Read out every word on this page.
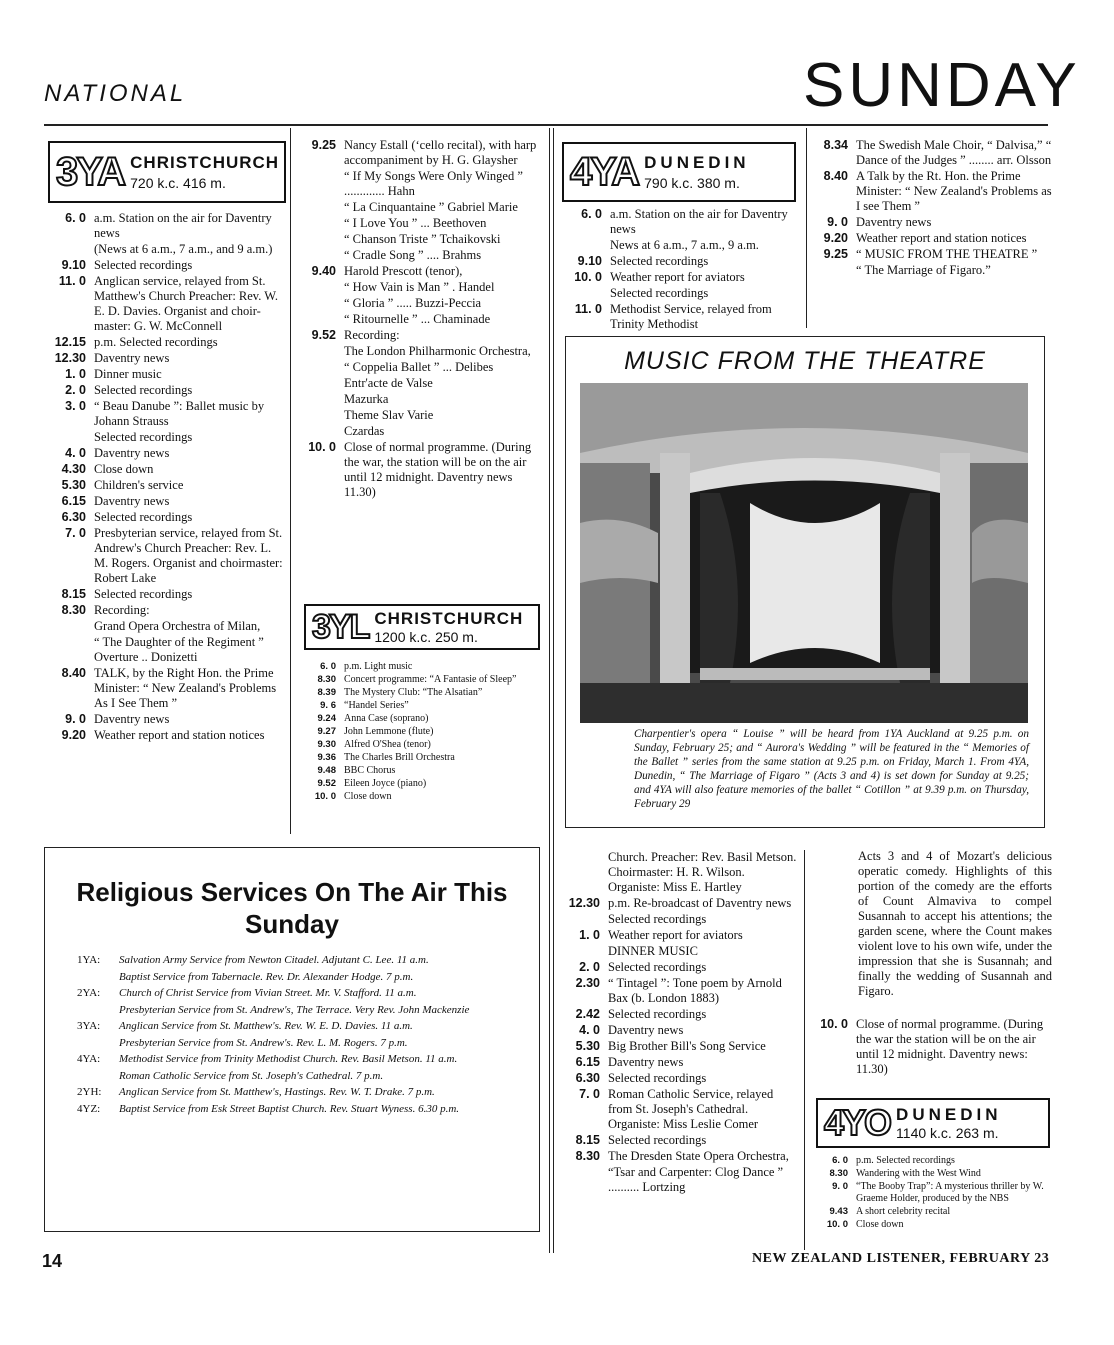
NATIONAL	SUNDAY
3YA CHRISTCHURCH
720 k.c. 416 m.
6. 0 a.m. Station on the air for Daventry news
(News at 6 a.m., 7 a.m., and 9 a.m.)
9.10 Selected recordings
11. 0 Anglican service, relayed from St. Matthew's Church Preacher: Rev. W. E. D. Davies. Organist and choir-master: G. W. McConnell
12.15 p.m. Selected recordings
12.30 Daventry news
1. 0 Dinner music
2. 0 Selected recordings
3. 0 “ Beau Danube ”: Ballet music by Johann Strauss
Selected recordings
4. 0 Daventry news
4.30 Close down
5.30 Children's service
6.15 Daventry news
6.30 Selected recordings
7. 0 Presbyterian service, relayed from St. Andrew's Church Preacher: Rev. L. M. Rogers. Organist and choirmaster: Robert Lake
8.15 Selected recordings
8.30 Recording:
Grand Opera Orchestra of Milan,
“ The Daughter of the Regiment ” Overture .. Donizetti
8.40 TALK, by the Right Hon. the Prime Minister: “ New Zealand's Problems As I See Them ”
9. 0 Daventry news
9.20 Weather report and station notices
9.25 Nancy Estall (‘cello recital), with harp accompaniment by H. G. Glaysher
“ If My Songs Were Only Winged ” ............. Hahn
“ La Cinquantaine ” Gabriel Marie
“ I Love You ” ... Beethoven
“ Chanson Triste ” Tchaikovski
“ Cradle Song ” .... Brahms
9.40 Harold Prescott (tenor),
“ How Vain is Man ” . Handel
“ Gloria ” ..... Buzzi-Peccia
“ Ritournelle ” ... Chaminade
9.52 Recording:
The London Philharmonic Orchestra,
“ Coppelia Ballet ” ... Delibes
Entr'acte de Valse
Mazurka
Theme Slav Varie
Czardas
10. 0 Close of normal programme. (During the war, the station will be on the air until 12 midnight. Daventry news 11.30)
3YL CHRISTCHURCH
1200 k.c. 250 m.
6. 0 p.m. Light music
8.30 Concert programme: “A Fantasie of Sleep”
8.39 The Mystery Club: “The Alsatian”
9. 6 “Handel Series”
9.24 Anna Case (soprano)
9.27 John Lemmone (flute)
9.30 Alfred O'Shea (tenor)
9.36 The Charles Brill Orchestra
9.48 BBC Chorus
9.52 Eileen Joyce (piano)
10. 0 Close down
4YA DUNEDIN
790 k.c. 380 m.
6. 0 a.m. Station on the air for Daventry news
News at 6 a.m., 7 a.m., 9 a.m.
9.10 Selected recordings
10. 0 Weather report for aviators
Selected recordings
11. 0 Methodist Service, relayed from Trinity Methodist
8.34 The Swedish Male Choir, “ Dalvisa,” “ Dance of the Judges ” ........ arr. Olsson
8.40 A Talk by the Rt. Hon. the Prime Minister: “ New Zealand's Problems as I see Them ”
9. 0 Daventry news
9.20 Weather report and station notices
9.25 “ MUSIC FROM THE THEATRE ”
“ The Marriage of Figaro.”
MUSIC FROM THE THEATRE
Charpentier's opera “ Louise ” will be heard from 1YA Auckland at 9.25 p.m. on Sunday, February 25; and “ Aurora's Wedding ” will be featured in the “ Memories of the Ballet ” series from the same station at 9.25 p.m. on Friday, March 1. From 4YA, Dunedin, “ The Marriage of Figaro ” (Acts 3 and 4) is set down for Sunday at 9.25; and 4YA will also feature memories of the ballet “ Cotillon ” at 9.39 p.m. on Thursday, February 29
Religious Services On The Air This Sunday
1YA:	Salvation Army Service from Newton Citadel. Adjutant C. Lee. 11 a.m.
Baptist Service from Tabernacle. Rev. Dr. Alexander Hodge. 7 p.m.
2YA:	Church of Christ Service from Vivian Street. Mr. V. Stafford. 11 a.m.
Presbyterian Service from St. Andrew's, The Terrace. Very Rev. John Mackenzie
3YA:	Anglican Service from St. Matthew's. Rev. W. E. D. Davies. 11 a.m.
Presbyterian Service from St. Andrew's. Rev. L. M. Rogers. 7 p.m.
4YA:	Methodist Service from Trinity Methodist Church. Rev. Basil Metson. 11 a.m.
Roman Catholic Service from St. Joseph's Cathedral. 7 p.m.
2YH:	Anglican Service from St. Matthew's, Hastings. Rev. W. T. Drake. 7 p.m.
4YZ:	Baptist Service from Esk Street Baptist Church. Rev. Stuart Wyness. 6.30 p.m.
Church. Preacher: Rev. Basil Metson. Choirmaster: H. R. Wilson. Organiste: Miss E. Hartley
12.30 p.m. Re-broadcast of Daventry news
Selected recordings
1. 0 Weather report for aviators
DINNER MUSIC
2. 0 Selected recordings
2.30 “ Tintagel ”: Tone poem by Arnold Bax (b. London 1883)
2.42 Selected recordings
4. 0 Daventry news
5.30 Big Brother Bill's Song Service
6.15 Daventry news
6.30 Selected recordings
7. 0 Roman Catholic Service, relayed from St. Joseph's Cathedral. Organiste: Miss Leslie Comer
8.15 Selected recordings
8.30 The Dresden State Opera Orchestra,
“Tsar and Carpenter: Clog Dance ” .......... Lortzing
Acts 3 and 4 of Mozart's delicious operatic comedy. Highlights of this portion of the comedy are the efforts of Count Almaviva to compel Susannah to accept his attentions; the garden scene, where the Count makes violent love to his own wife, under the impression that she is Susannah; and finally the wedding of Susannah and Figaro.
10. 0 Close of normal programme. (During the war the station will be on the air until 12 midnight. Daventry news: 11.30)
4YO DUNEDIN
1140 k.c. 263 m.
6. 0 p.m. Selected recordings
8.30 Wandering with the West Wind
9. 0 “The Booby Trap”: A mysterious thriller by W. Graeme Holder, produced by the NBS
9.43 A short celebrity recital
10. 0 Close down
14	NEW ZEALAND LISTENER, FEBRUARY 23
